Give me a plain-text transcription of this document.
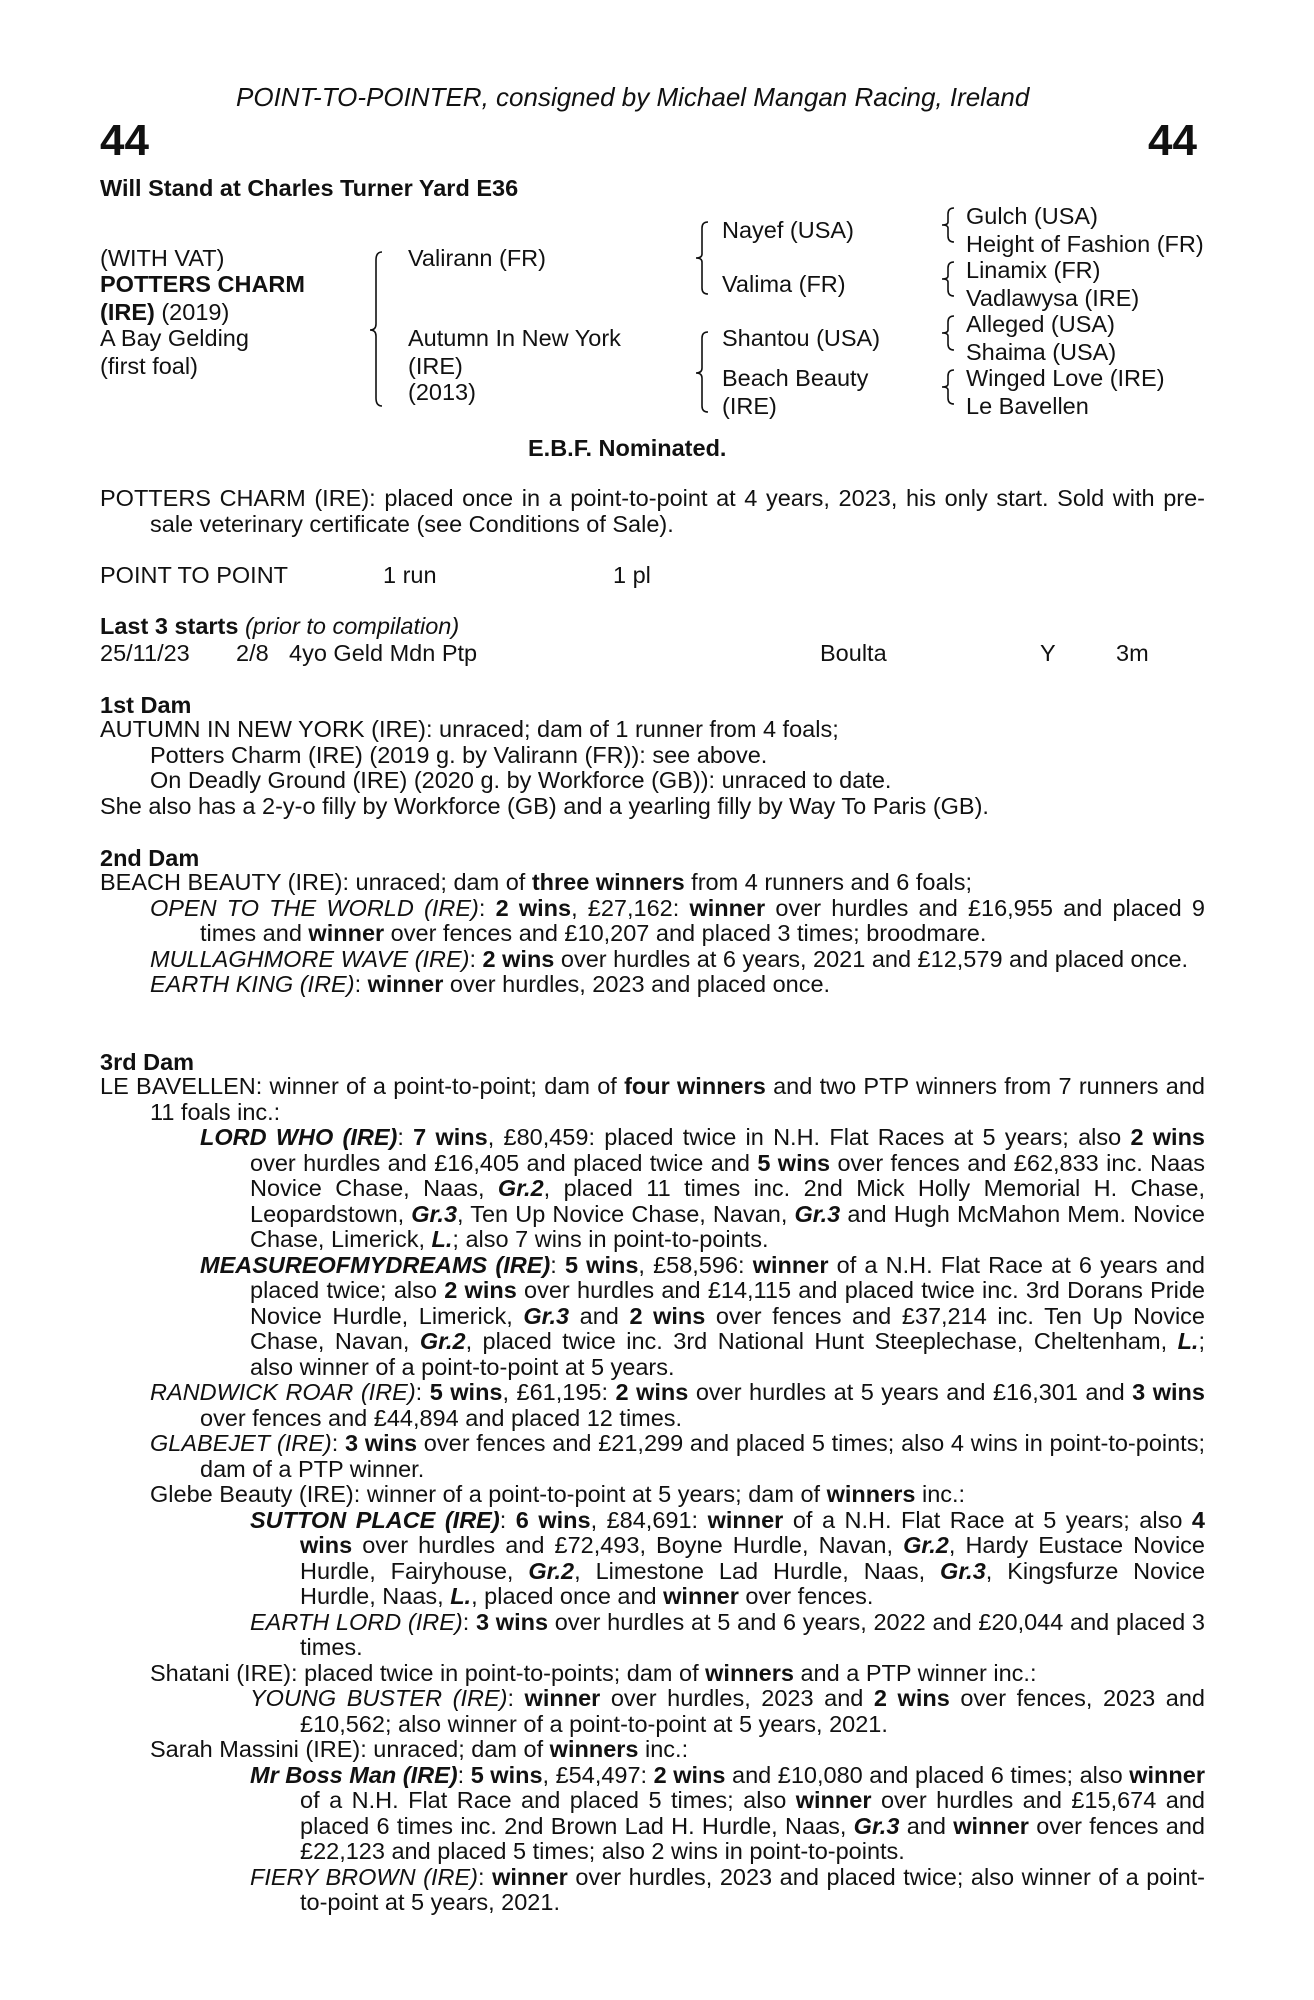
POINT-TO-POINTER, consigned by Michael Mangan Racing, Ireland
44	44
Will Stand at Charles Turner Yard E36
(WITH VAT)
POTTERS CHARM
(IRE) (2019)
A Bay Gelding
(first foal)
Valirann (FR)
Autumn In New York
(IRE)
(2013)
Nayef (USA)
Valima (FR)
Shantou (USA)
Beach Beauty
(IRE)
Gulch (USA)
Height of Fashion (FR)
Linamix (FR)
Vadlawysa (IRE)
Alleged (USA)
Shaima (USA)
Winged Love (IRE)
Le Bavellen
E.B.F. Nominated.

POTTERS CHARM (IRE): placed once in a point-to-point at 4 years, 2023, his only start. Sold with pre-sale veterinary certificate (see Conditions of Sale).

POINT TO POINT	1 run	1 pl
Last 3 starts (prior to compilation)
25/11/23 2/8 4yo Geld Mdn Ptp	Boulta	Y	3m
1st Dam

AUTUMN IN NEW YORK (IRE): unraced; dam of 1 runner from 4 foals;

Potters Charm (IRE) (2019 g. by Valirann (FR)): see above.

On Deadly Ground (IRE) (2020 g. by Workforce (GB)): unraced to date.

She also has a 2-y-o filly by Workforce (GB) and a yearling filly by Way To Paris (GB).

2nd Dam

BEACH BEAUTY (IRE): unraced; dam of three winners from 4 runners and 6 foals;

OPEN TO THE WORLD (IRE): 2 wins, £27,162: winner over hurdles and £16,955 and placed 9 times and winner over fences and £10,207 and placed 3 times; broodmare.

MULLAGHMORE WAVE (IRE): 2 wins over hurdles at 6 years, 2021 and £12,579 and placed once.

EARTH KING (IRE): winner over hurdles, 2023 and placed once.

3rd Dam

LE BAVELLEN: winner of a point-to-point; dam of four winners and two PTP winners from 7 runners and 11 foals inc.:

LORD WHO (IRE): 7 wins, £80,459: placed twice in N.H. Flat Races at 5 years; also 2 wins over hurdles and £16,405 and placed twice and 5 wins over fences and £62,833 inc. Naas Novice Chase, Naas, Gr.2, placed 11 times inc. 2nd Mick Holly Memorial H. Chase, Leopardstown, Gr.3, Ten Up Novice Chase, Navan, Gr.3 and Hugh McMahon Mem. Novice Chase, Limerick, L.; also 7 wins in point-to-points.

MEASUREOFMYDREAMS (IRE): 5 wins, £58,596: winner of a N.H. Flat Race at 6 years and placed twice; also 2 wins over hurdles and £14,115 and placed twice inc. 3rd Dorans Pride Novice Hurdle, Limerick, Gr.3 and 2 wins over fences and £37,214 inc. Ten Up Novice Chase, Navan, Gr.2, placed twice inc. 3rd National Hunt Steeplechase, Cheltenham, L.; also winner of a point-to-point at 5 years.

RANDWICK ROAR (IRE): 5 wins, £61,195: 2 wins over hurdles at 5 years and £16,301 and 3 wins over fences and £44,894 and placed 12 times.

GLABEJET (IRE): 3 wins over fences and £21,299 and placed 5 times; also 4 wins in point-to-points; dam of a PTP winner.

Glebe Beauty (IRE): winner of a point-to-point at 5 years; dam of winners inc.:

SUTTON PLACE (IRE): 6 wins, £84,691: winner of a N.H. Flat Race at 5 years; also 4 wins over hurdles and £72,493, Boyne Hurdle, Navan, Gr.2, Hardy Eustace Novice Hurdle, Fairyhouse, Gr.2, Limestone Lad Hurdle, Naas, Gr.3, Kingsfurze Novice Hurdle, Naas, L., placed once and winner over fences.

EARTH LORD (IRE): 3 wins over hurdles at 5 and 6 years, 2022 and £20,044 and placed 3 times.

Shatani (IRE): placed twice in point-to-points; dam of winners and a PTP winner inc.:

YOUNG BUSTER (IRE): winner over hurdles, 2023 and 2 wins over fences, 2023 and £10,562; also winner of a point-to-point at 5 years, 2021.

Sarah Massini (IRE): unraced; dam of winners inc.:

Mr Boss Man (IRE): 5 wins, £54,497: 2 wins and £10,080 and placed 6 times; also winner of a N.H. Flat Race and placed 5 times; also winner over hurdles and £15,674 and placed 6 times inc. 2nd Brown Lad H. Hurdle, Naas, Gr.3 and winner over fences and £22,123 and placed 5 times; also 2 wins in point-to-points.

FIERY BROWN (IRE): winner over hurdles, 2023 and placed twice; also winner of a point-to-point at 5 years, 2021.
